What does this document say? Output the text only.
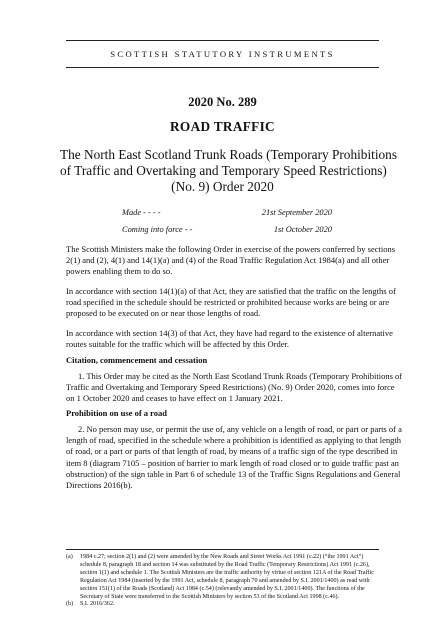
SCOTTISH STATUTORY INSTRUMENTS
2020 No. 289
ROAD TRAFFIC
The North East Scotland Trunk Roads (Temporary Prohibitions
of Traffic and Overtaking and Temporary Speed Restrictions)
(No. 9) Order 2020
Made - - - -	21st September 2020
Coming into force - -	1st October 2020
The Scottish Ministers make the following Order in exercise of the powers conferred by sections
2(1) and (2), 4(1) and 14(1)(a) and (4) of the Road Traffic Regulation Act 1984(a) and all other
powers enabling them to do so.
In accordance with section 14(1)(a) of that Act, they are satisfied that the traffic on the lengths of
road specified in the schedule should be restricted or prohibited because works are being or are
proposed to be executed on or near those lengths of road.
In accordance with section 14(3) of that Act, they have had regard to the existence of alternative
routes suitable for the traffic which will be affected by this Order.
Citation, commencement and cessation
1. This Order may be cited as the North East Scotland Trunk Roads (Temporary Prohibitions of
Traffic and Overtaking and Temporary Speed Restrictions) (No. 9) Order 2020, comes into force
on 1 October 2020 and ceases to have effect on 1 January 2021.
Prohibition on use of a road
2. No person may use, or permit the use of, any vehicle on a length of road, or part or parts of a
length of road, specified in the schedule where a prohibition is identified as applying to that length
of road, or a part or parts of that length of road, by means of a traffic sign of the type described in
item 8 (diagram 7105 – position of barrier to mark length of road closed or to guide traffic past an
obstruction) of the sign table in Part 6 of schedule 13 of the Traffic Signs Regulations and General
Directions 2016(b).
(a) 1984 c.27; section 2(1) and (2) were amended by the New Roads and Street Works Act 1991 (c.22) (“the 1991 Act”)
schedule 8, paragraph 18 and section 14 was substituted by the Road Traffic (Temporary Restrictions) Act 1991 (c.26),
section 1(1) and schedule 1. The Scottish Ministers are the traffic authority by virtue of section 121A of the Road Traffic
Regulation Act 1984 (inserted by the 1991 Act, schedule 8, paragraph 70 and amended by S.I. 2001/1400) as read with
section 151(1) of the Roads (Scotland) Act 1984 (c.54) (relevantly amended by S.I. 2001/1400). The functions of the
Secretary of State were transferred to the Scottish Ministers by section 53 of the Scotland Act 1998 (c.46).
(b) S.I. 2016/362.
